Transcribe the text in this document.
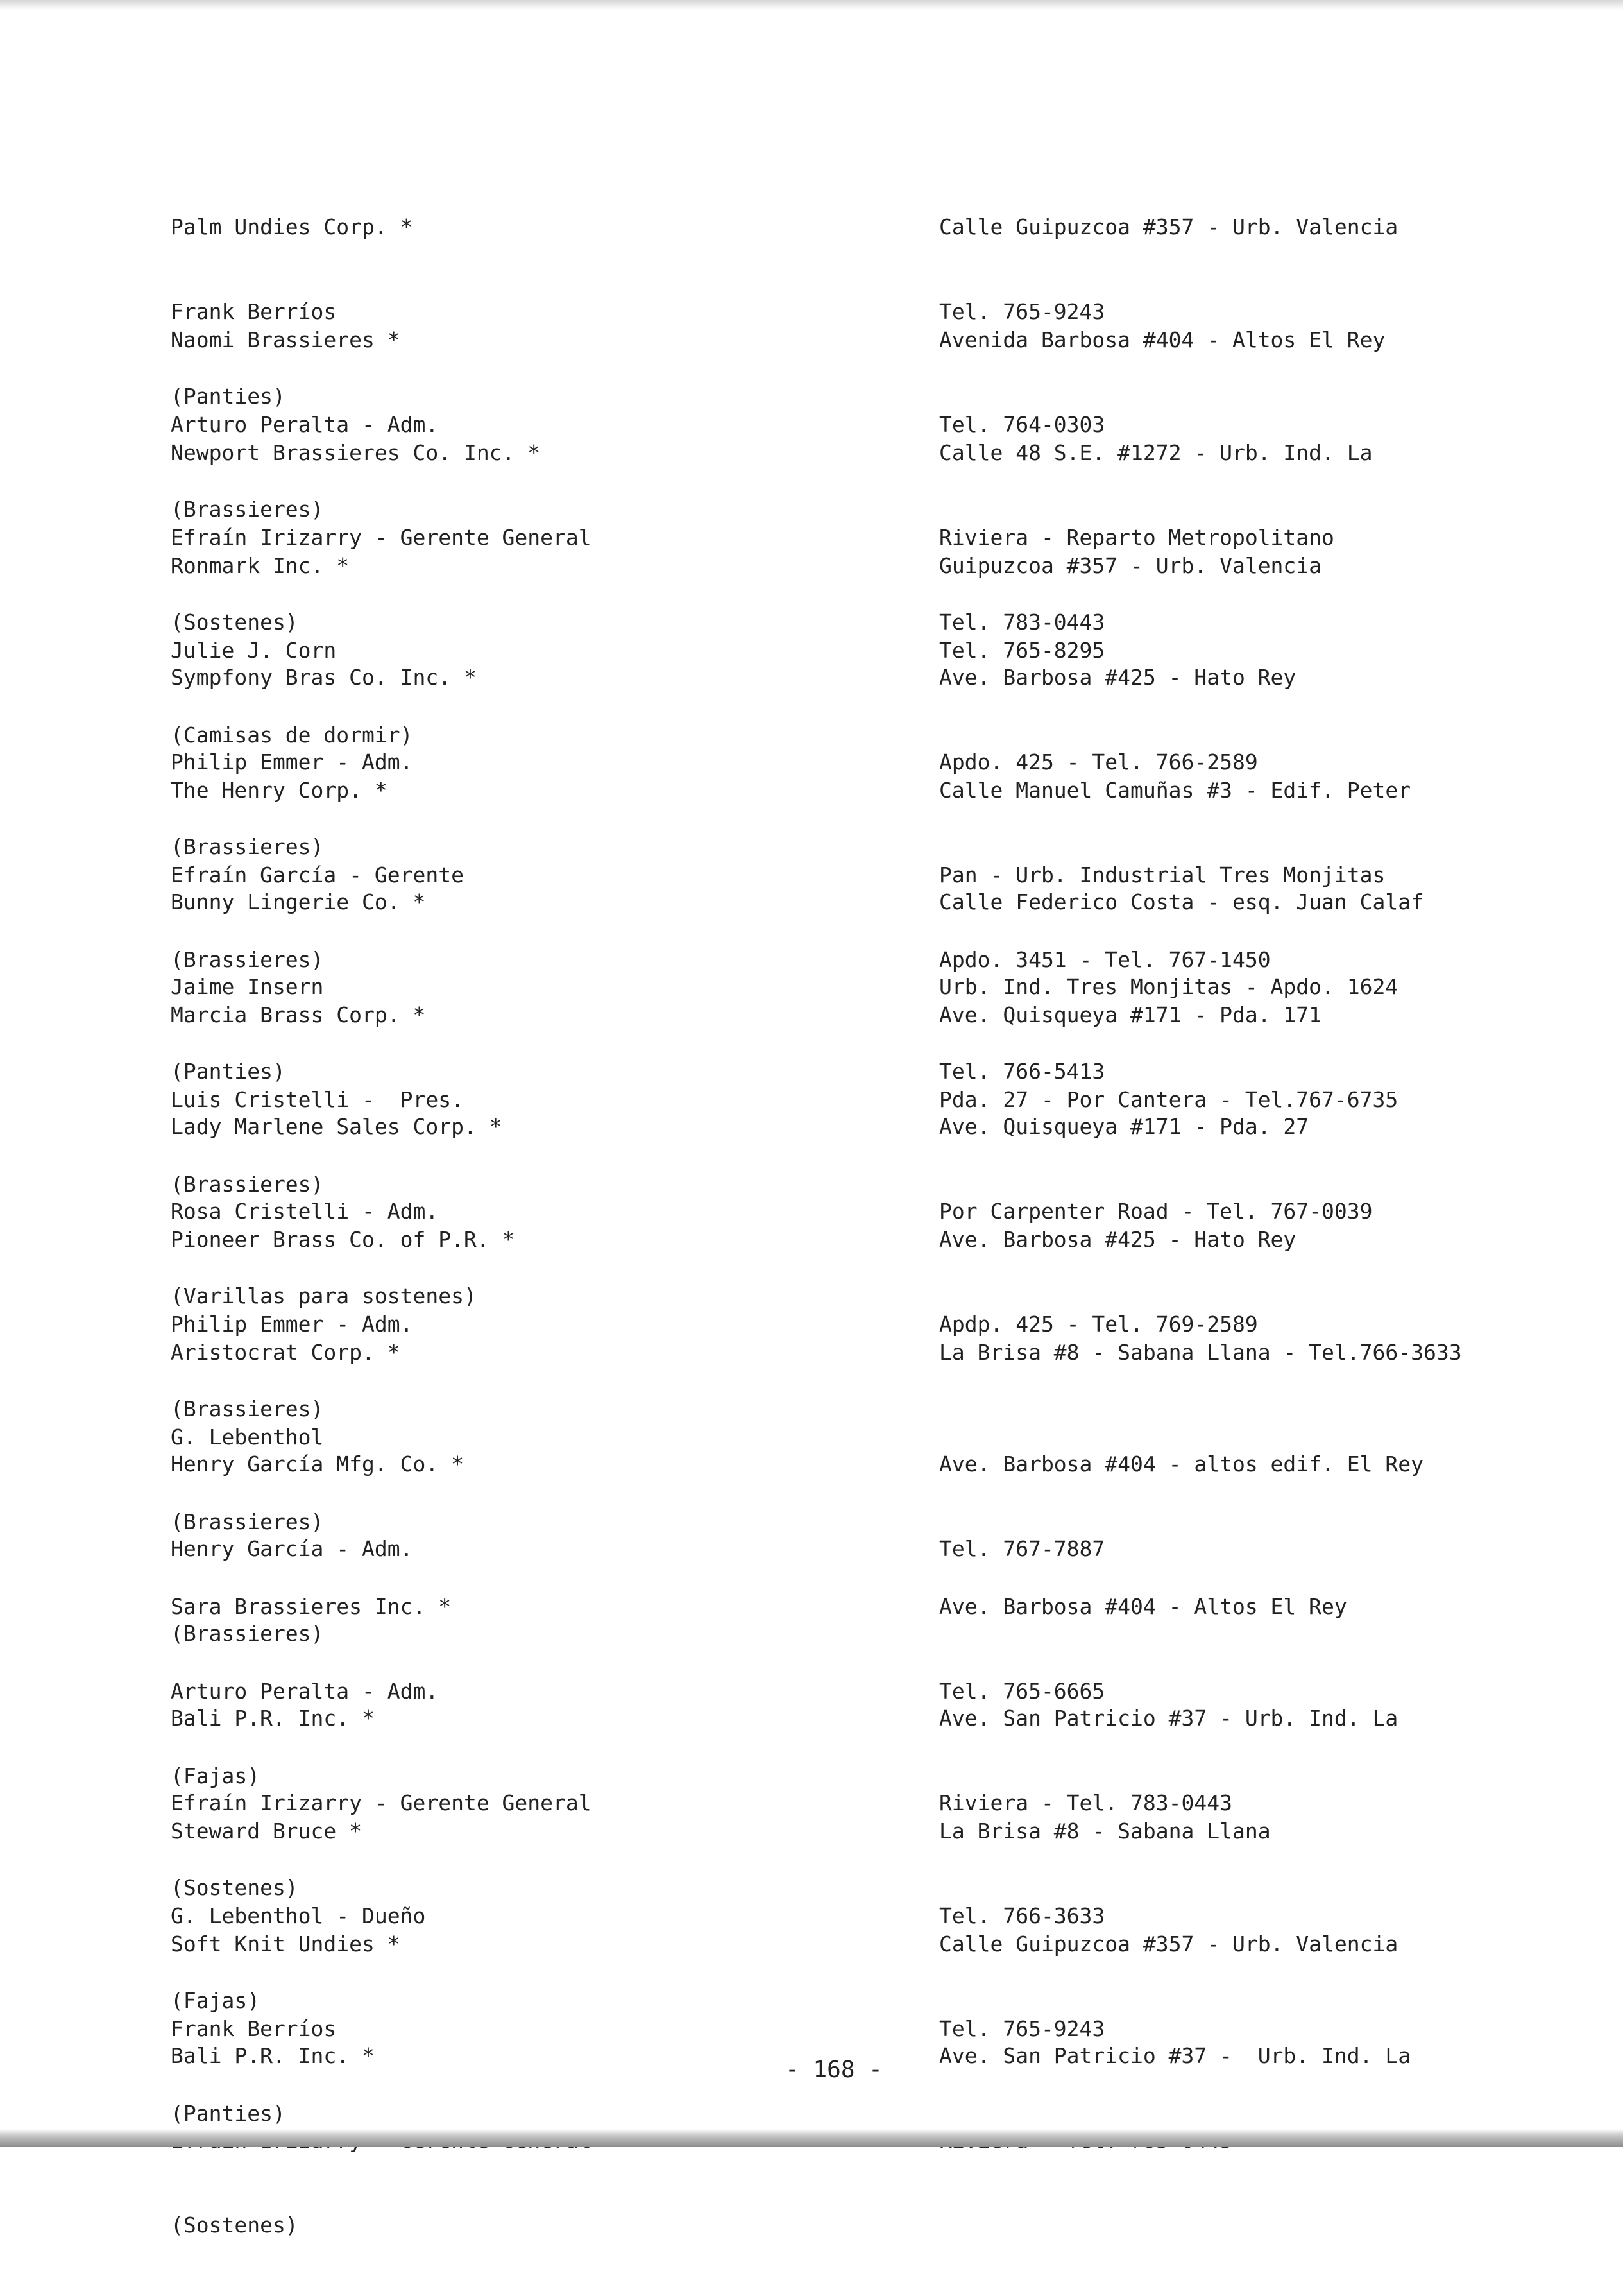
Palm Undies Corp. *

Frank Berríos

(Panties)

Calle Guipuzcoa #357 - Urb. Valencia

Tel. 765-9243

Naomi Brassieres *

Arturo Peralta - Adm.

(Brassieres)

Avenida Barbosa #404 - Altos El Rey

Tel. 764-0303

Newport Brassieres Co. Inc. *

Efraín Irizarry - Gerente General

(Sostenes)

Calle 48 S.E. #1272 - Urb. Ind. La

Riviera - Reparto Metropolitano

Tel. 783-0443

Ronmark Inc. *

Julie J. Corn

(Camisas de dormir)

Guipuzcoa #357 - Urb. Valencia

Tel. 765-8295

Sympfony Bras Co. Inc. *

Philip Emmer - Adm.

(Brassieres)

Ave. Barbosa #425 - Hato Rey

Apdo. 425 - Tel. 766-2589

The Henry Corp. *

Efraín García - Gerente

(Brassieres)

Calle Manuel Camuñas #3 - Edif. Peter

Pan - Urb. Industrial Tres Monjitas

Apdo. 3451 - Tel. 767-1450

Bunny Lingerie Co. *

Jaime Insern

(Panties)

Calle Federico Costa - esq. Juan Calaf

Urb. Ind. Tres Monjitas - Apdo. 1624

Tel. 766-5413

Marcia Brass Corp. *

Luis Cristelli -  Pres.

(Brassieres)

Ave. Quisqueya #171 - Pda. 171

Pda. 27 - Por Cantera - Tel.767-6735

Lady Marlene Sales Corp. *

Rosa Cristelli - Adm.

(Varillas para sostenes)

Ave. Quisqueya #171 - Pda. 27

Por Carpenter Road - Tel. 767-0039

Pioneer Brass Co. of P.R. *

Philip Emmer - Adm.

(Brassieres)

Ave. Barbosa #425 - Hato Rey

Apdp. 425 - Tel. 769-2589

Aristocrat Corp. *

G. Lebenthol

(Brassieres)

La Brisa #8 - Sabana Llana - Tel.766-3633

Henry García Mfg. Co. *

Henry García - Adm.

(Brassieres)

Ave. Barbosa #404 - altos edif. El Rey

Tel. 767-7887

Sara Brassieres Inc. *

Arturo Peralta - Adm.

(Fajas)

Ave. Barbosa #404 - Altos El Rey

Tel. 765-6665

Bali P.R. Inc. *

Efraín Irizarry - Gerente General

(Sostenes)

Ave. San Patricio #37 - Urb. Ind. La

Riviera - Tel. 783-0443

Steward Bruce *

G. Lebenthol - Dueño

(Fajas)

La Brisa #8 - Sabana Llana

Tel. 766-3633

Soft Knit Undies *

Frank Berríos

(Panties)

Calle Guipuzcoa #357 - Urb. Valencia

Tel. 765-9243

Bali P.R. Inc. *

(Sostenes)

Ave. San Patricio #37 -  Urb. Ind. La

- 168 -
